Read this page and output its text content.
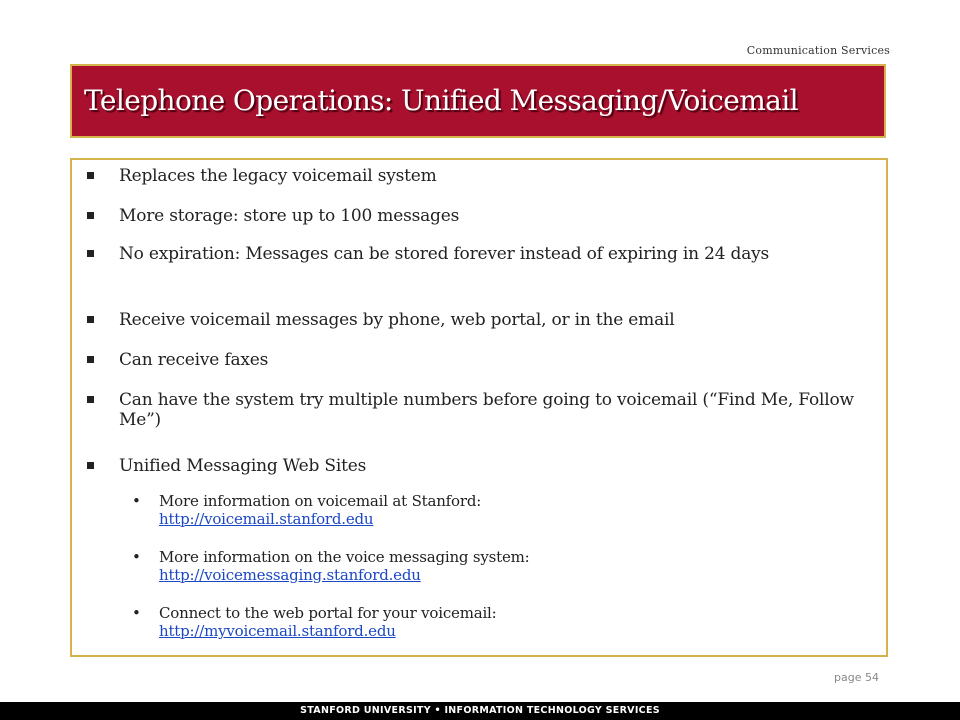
Communication Services
Telephone Operations: Unified Messaging/Voicemail
Replaces the legacy voicemail system
More storage: store up to 100 messages
No expiration: Messages can be stored forever instead of expiring in 24 days
Receive voicemail messages by phone, web portal, or in the email
Can receive faxes
Can have the system try multiple numbers before going to voicemail (“Find Me, Follow Me”)
Unified Messaging Web Sites
•	More information on voicemail at Stanford:
http://voicemail.stanford.edu
•	More information on the voice messaging system:
http://voicemessaging.stanford.edu
•	Connect to the web portal for your voicemail:
http://myvoicemail.stanford.edu
page 54
STANFORD UNIVERSITY • INFORMATION TECHNOLOGY SERVICES
